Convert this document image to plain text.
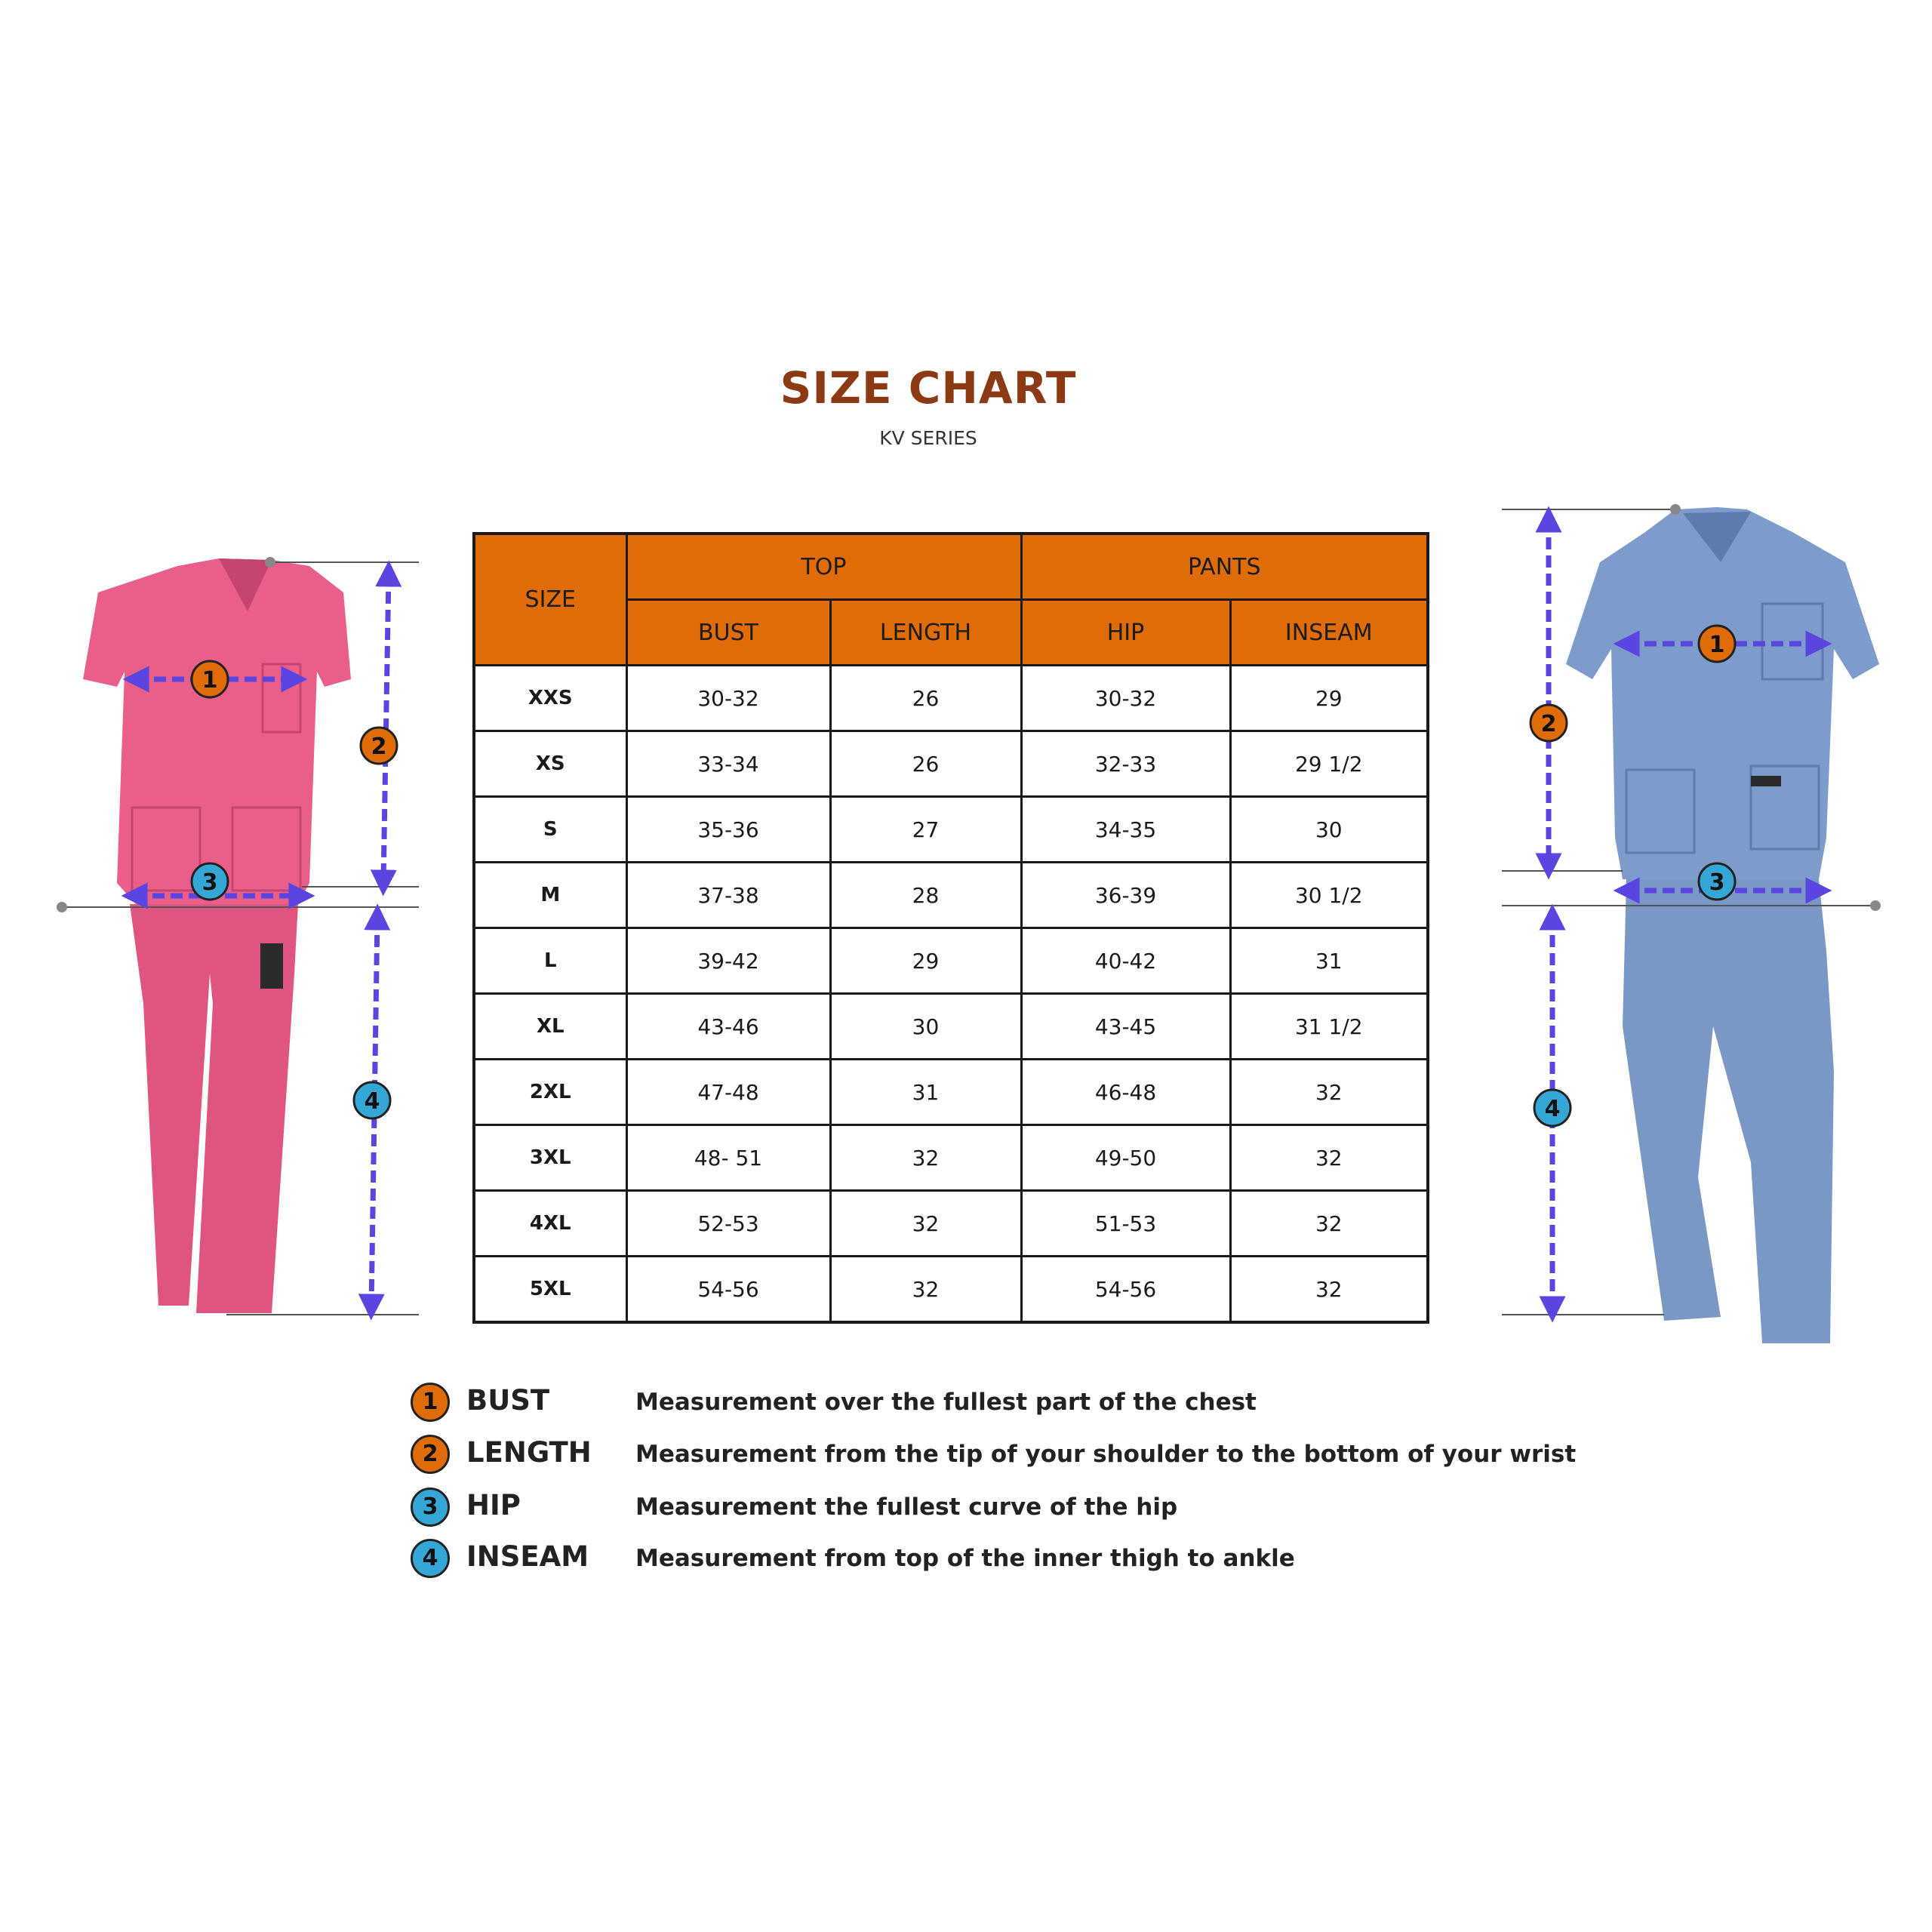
SIZE CHART
KV SERIES
1
2
3
4
SIZE	TOP		PANTS	
	BUST	LENGTH	HIP	INSEAM
XXS	30-32	26	30-32	29
XS	33-34	26	32-33	29 1/2
S	35-36	27	34-35	30
M	37-38	28	36-39	30 1/2
L	39-42	29	40-42	31
XL	43-46	30	43-45	31 1/2
2XL	47-48	31	46-48	32
3XL	48- 51	32	49-50	32
4XL	52-53	32	51-53	32
5XL	54-56	32	54-56	32
1
2
3
4
1	BUST	Measurement over the fullest part of the chest
2	LENGTH Measurement from the tip of your shoulder to the bottom of your wrist
3	HIP	Measurement the fullest curve of the hip
4	INSEAM Measurement from top of the inner thigh to ankle
